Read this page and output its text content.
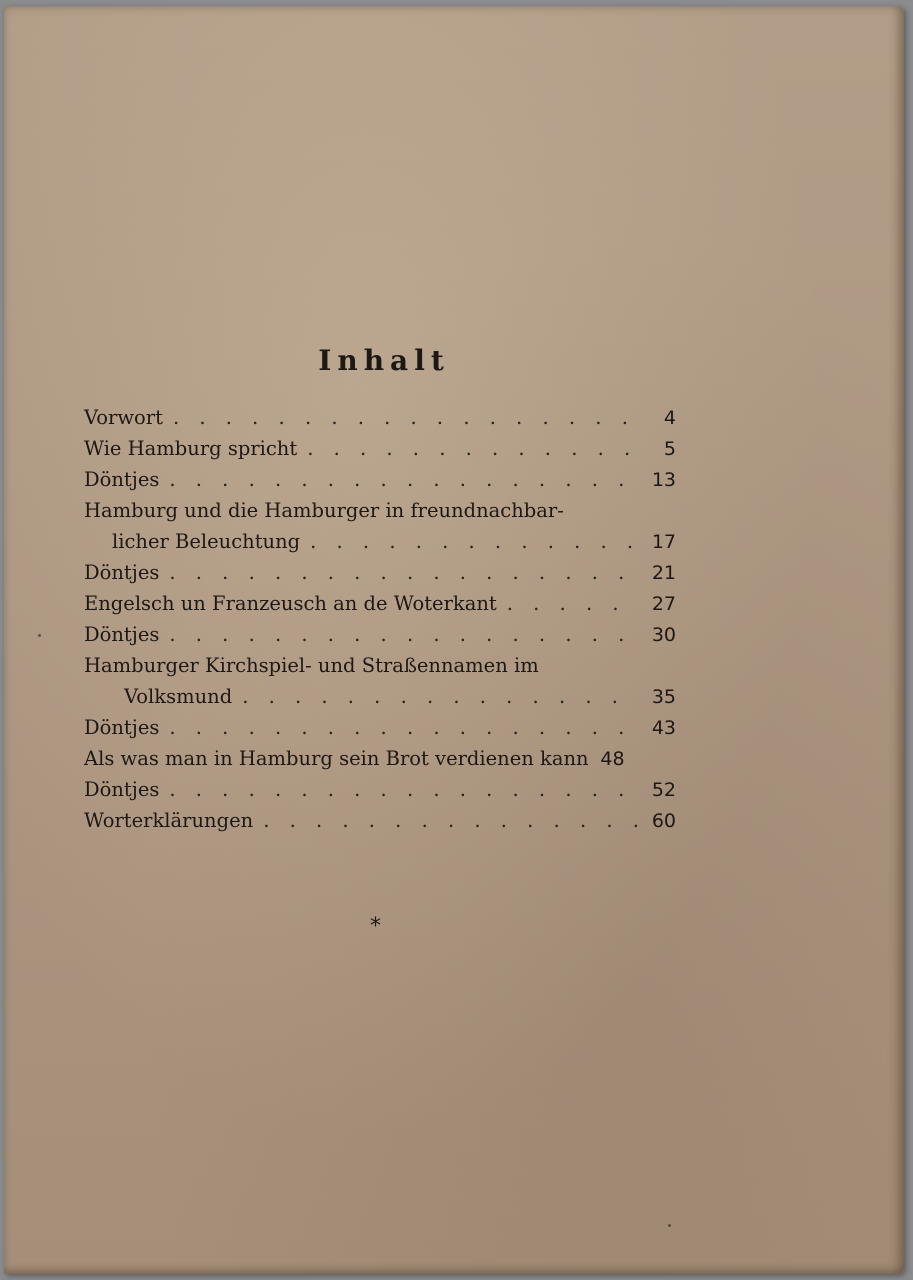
Inhalt
Vorwort . . .	4
Wie Hamburg spricht . . .	5
Döntjes . . .	13
Hamburg und die Hamburger in freundnachbar-
licher Beleuchtung . . .	17
Döntjes . . .	21
Engelsch un Franzeusch an de Woterkant . . .	27
Döntjes . . .	30
Hamburger Kirchspiel- und Straßennamen im
Volksmund . . .	35
Döntjes . . .	43
Als was man in Hamburg sein Brot verdienen kann 48
Döntjes . . .	52
Worterklärungen . . .	60
*
